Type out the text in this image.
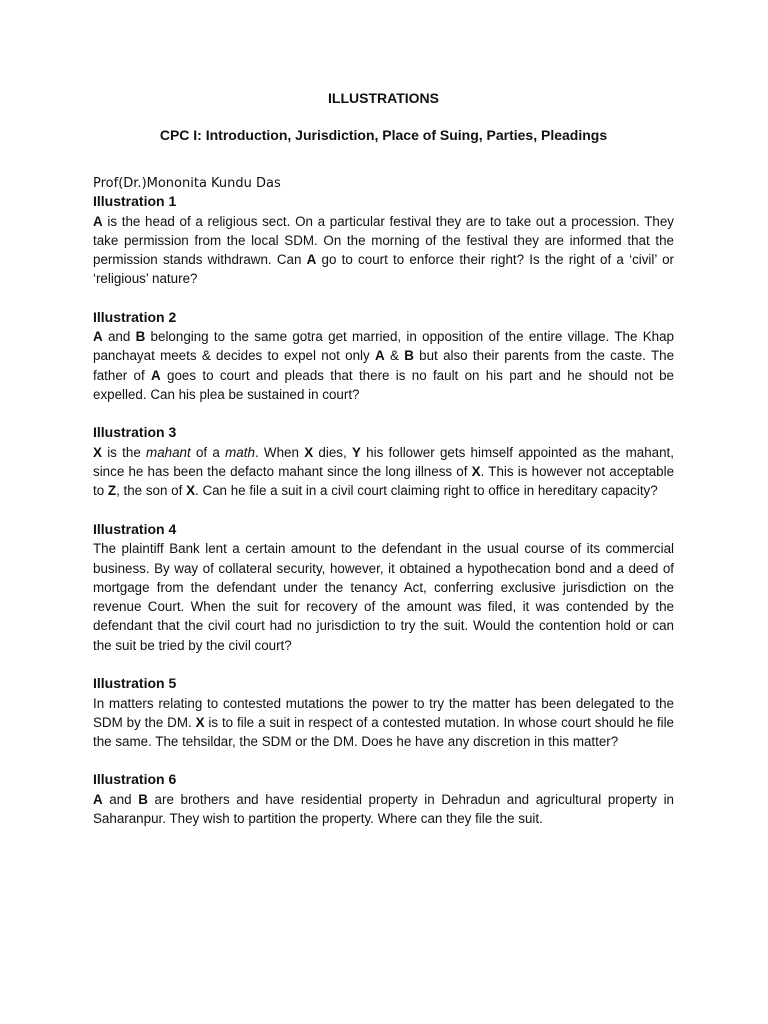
ILLUSTRATIONS
CPC I: Introduction, Jurisdiction, Place of Suing, Parties, Pleadings
Prof(Dr.)Mononita Kundu Das

Illustration 1

A is the head of a religious sect. On a particular festival they are to take out a procession. They take permission from the local SDM. On the morning of the festival they are informed that the permission stands withdrawn. Can A go to court to enforce their right? Is the right of a ‘civil’ or ‘religious’ nature?

Illustration 2

A and B belonging to the same gotra get married, in opposition of the entire village. The Khap panchayat meets & decides to expel not only A & B but also their parents from the caste. The father of A goes to court and pleads that there is no fault on his part and he should not be expelled. Can his plea be sustained in court?

Illustration 3

X is the mahant of a math. When X dies, Y his follower gets himself appointed as the mahant, since he has been the defacto mahant since the long illness of X. This is however not acceptable to Z, the son of X. Can he file a suit in a civil court claiming right to office in hereditary capacity?

Illustration 4

The plaintiff Bank lent a certain amount to the defendant in the usual course of its commercial business. By way of collateral security, however, it obtained a hypothecation bond and a deed of mortgage from the defendant under the tenancy Act, conferring exclusive jurisdiction on the revenue Court. When the suit for recovery of the amount was filed, it was contended by the defendant that the civil court had no jurisdiction to try the suit. Would the contention hold or can the suit be tried by the civil court?

Illustration 5

In matters relating to contested mutations the power to try the matter has been delegated to the SDM by the DM. X is to file a suit in respect of a contested mutation. In whose court should he file the same. The tehsildar, the SDM or the DM. Does he have any discretion in this matter?

Illustration 6

A and B are brothers and have residential property in Dehradun and agricultural property in Saharanpur. They wish to partition the property. Where can they file the suit.
